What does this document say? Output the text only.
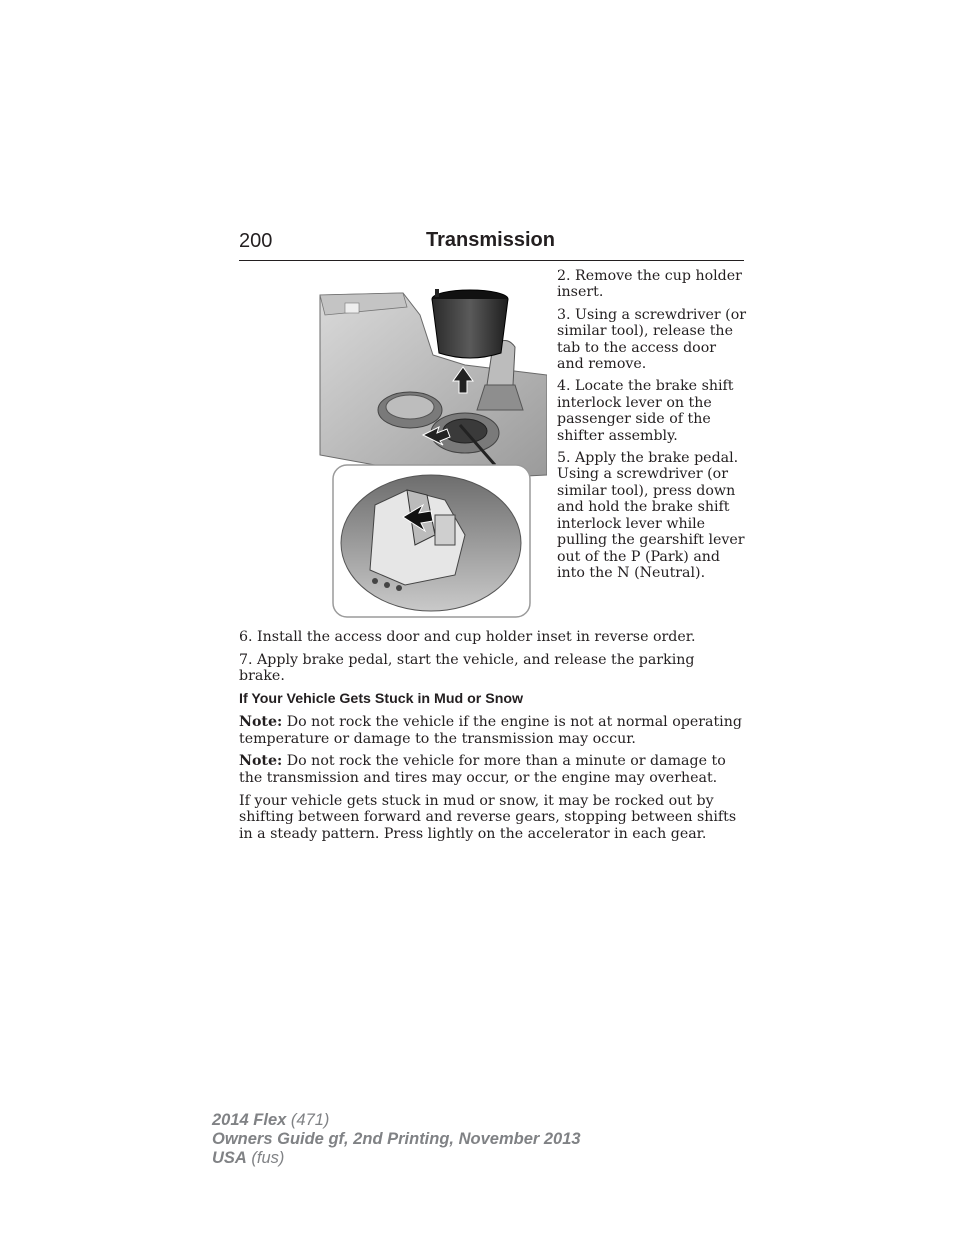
200	Transmission

2. Remove the cup holder insert.

3. Using a screwdriver (or similar tool), release the tab to the access door and remove.

4. Locate the brake shift interlock lever on the passenger side of the shifter assembly.

5. Apply the brake pedal. Using a screwdriver (or similar tool), press down and hold the brake shift interlock lever while pulling the gearshift lever out of the P (Park) and into the N (Neutral).

6. Install the access door and cup holder inset in reverse order.

7. Apply brake pedal, start the vehicle, and release the parking brake.

If Your Vehicle Gets Stuck in Mud or Snow

Note: Do not rock the vehicle if the engine is not at normal operating temperature or damage to the transmission may occur.

Note: Do not rock the vehicle for more than a minute or damage to the transmission and tires may occur, or the engine may overheat.

If your vehicle gets stuck in mud or snow, it may be rocked out by shifting between forward and reverse gears, stopping between shifts in a steady pattern. Press lightly on the accelerator in each gear.

2014 Flex (471)
Owners Guide gf, 2nd Printing, November 2013
USA (fus)
